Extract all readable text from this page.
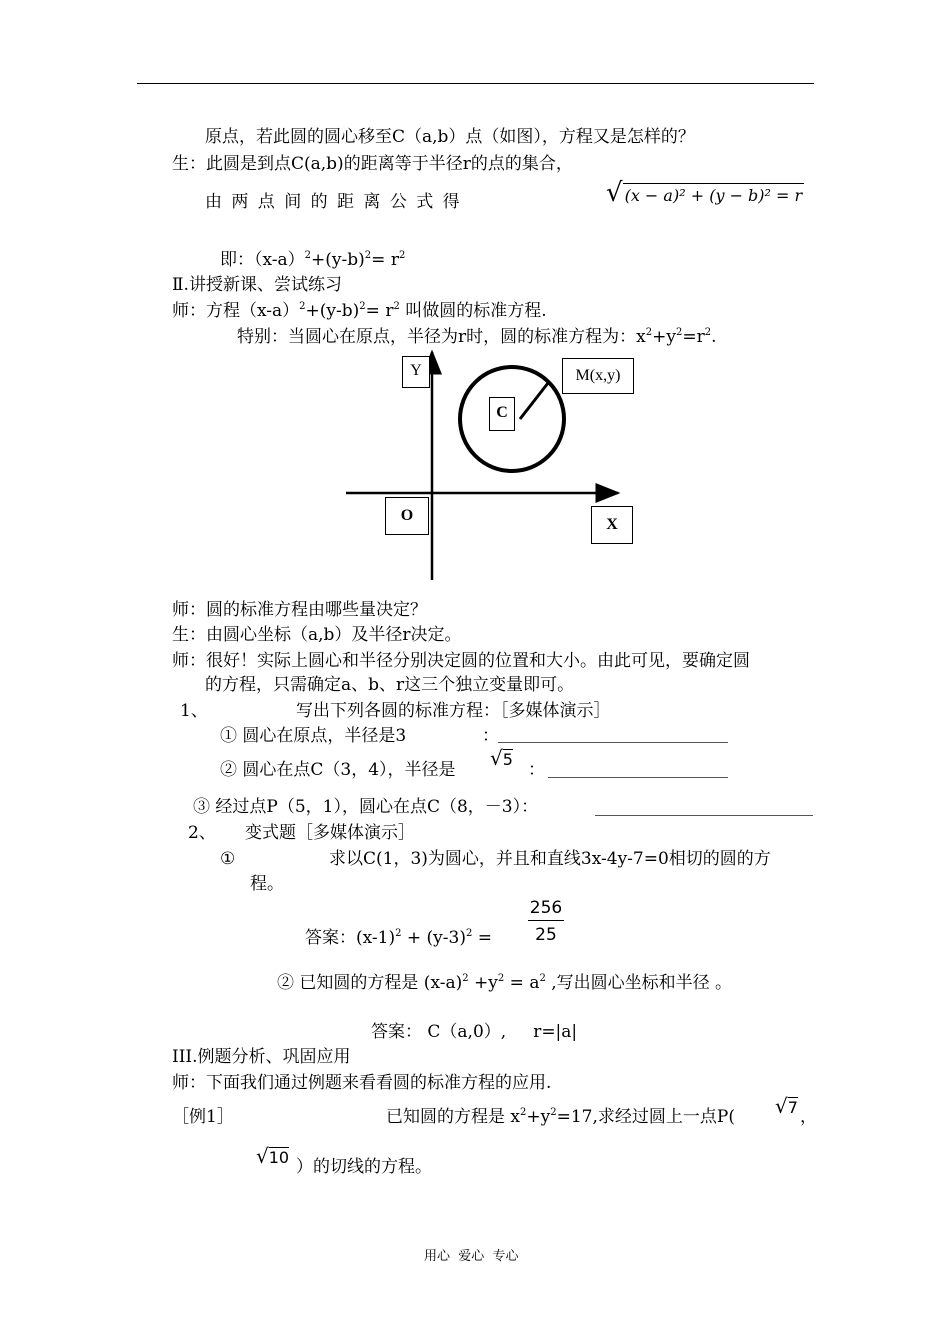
原点，若此圆的圆心移至C（a,b）点（如图），方程又是怎样的？
生：此圆是到点C(a,b)的距离等于半径r的点的集合，
由 两 点 间 的 距 离 公 式 得	√ (x − a)² + (y − b)² = r
即：$(x-a)^2+(y-b)^2= r^2$
Ⅱ.讲授新课、尝试练习
师：方程$(x-a)^2+(y-b)^2= r^2$ 叫做圆的标准方程.
特别：当圆心在原点，半径为r时，圆的标准方程为：$x^2+y^2=r^2$.
Y
C
M(x,y)
O
X
师：圆的标准方程由哪些量决定？
生：由圆心坐标（a,b）及半径r决定。
师：很好！实际上圆心和半径分别决定圆的位置和大小。由此可见，要确定圆
的方程，只需确定a、b、r这三个独立变量即可。
1、	写出下列各圆的标准方程：［多媒体演示］
① 圆心在原点，半径是3	：
② 圆心在点C（3，4），半径是 √5
：
③ 经过点P（5，1），圆心在点C（8，－3）：
2、 变式题［多媒体演示］
①	求以C(1，3)为圆心，并且和直线3x-4y-7=0相切的圆的方
程。
答案：$(x-1)^2 + (y-3)^2$ =
256
25
② 已知圆的方程是 $(x-a)^2 +y^2 = a^2$ ,写出圆心坐标和半径 。
答案： C（a,0）,     r=|a|
III.例题分析、巩固应用
师：下面我们通过例题来看看圆的标准方程的应用.
［例1］	已知圆的方程是 $x^2+y^2=17$,求经过圆上一点P( √7 ，
√10 ）的切线的方程。
用心  爱心  专心
